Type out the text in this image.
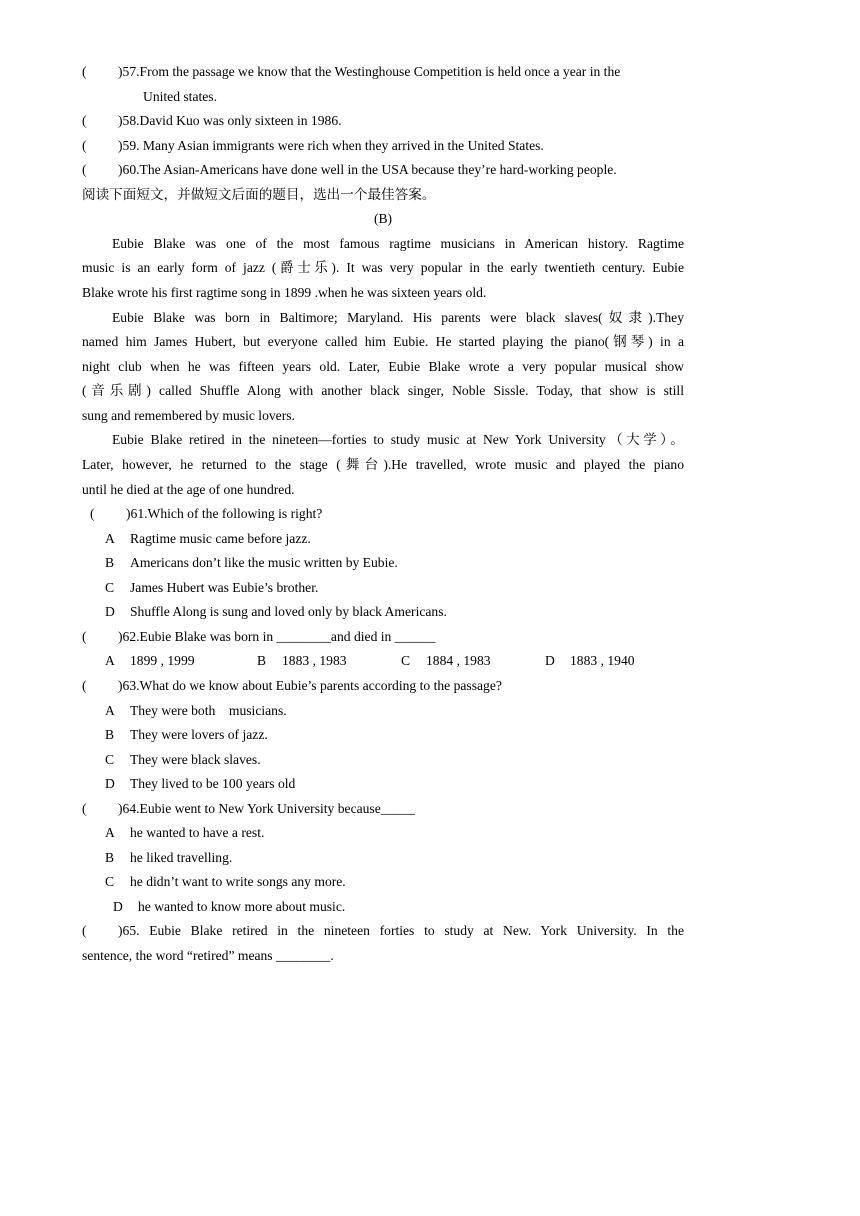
( )57.From the passage we know that the Westinghouse Competition is held once a year in the
United states.
( )58.David Kuo was only sixteen in 1986.
( )59. Many Asian immigrants were rich when they arrived in the United States.
( )60.The Asian-Americans have done well in the USA because they’re hard-working people.
阅读下面短文，并做短文后面的题目，选出一个最佳答案。
(B)
Eubie Blake was one of the most famous ragtime musicians in American history. Ragtime
music is an early form of jazz (爵士乐). It was very popular in the early twentieth century. Eubie
Blake wrote his first ragtime song in 1899 .when he was sixteen years old.
Eubie Blake was born in Baltimore; Maryland. His parents were black slaves(奴隶).They
named him James Hubert, but everyone called him Eubie. He started playing the piano(钢琴) in a
night club when he was fifteen years old. Later, Eubie Blake wrote a very popular musical show
(音乐剧) called Shuffle Along with another black singer, Noble Sissle. Today, that show is still
sung and remembered by music lovers.
Eubie Blake retired in the nineteen—forties to study music at New York University（大学）。
Later, however, he returned to the stage (舞台).He travelled, wrote music and played the piano
until he died at the age of one hundred.
( )61.Which of the following is right?
A Ragtime music came before jazz.
B Americans don’t like the music written by Eubie.
C James Hubert was Eubie’s brother.
D Shuffle Along is sung and loved only by black Americans.
( )62.Eubie Blake was born in ________and died in ______
A 1899 , 1999	B 1883 , 1983	C 1884 , 1983	D 1883 , 1940
( )63.What do we know about Eubie’s parents according to the passage?
A They were both    musicians.
B They were lovers of jazz.
C They were black slaves.
D They lived to be 100 years old
( )64.Eubie went to New York University because_____
A he wanted to have a rest.
B he liked travelling.
C he didn’t want to write songs any more.
D he wanted to know more about music.
( )65. Eubie Blake retired in the nineteen forties to study at New. York University. In the
sentence, the word “retired” means ________.
